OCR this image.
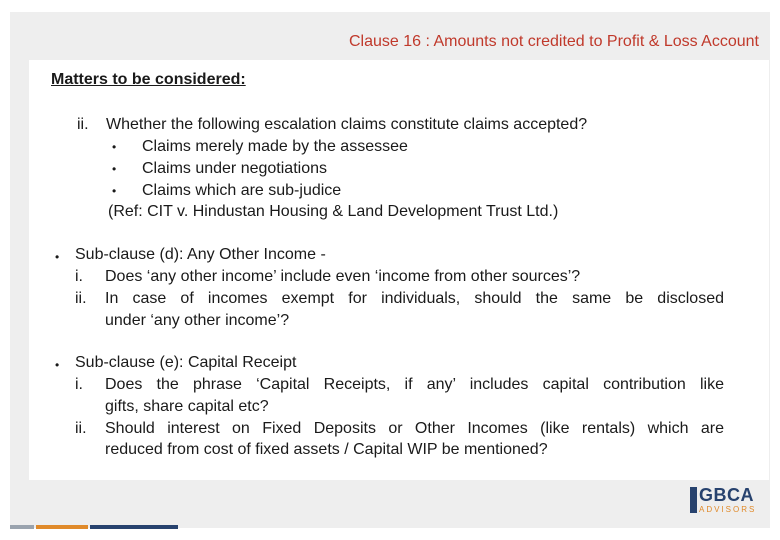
Clause 16 : Amounts not credited to Profit & Loss Account
Matters to be considered:
ii. Whether the following escalation claims constitute claims accepted?
• Claims merely made by the assessee
• Claims under negotiations
• Claims which are sub-judice
(Ref: CIT v. Hindustan Housing & Land Development Trust Ltd.)
• Sub-clause (d): Any Other Income -
i. Does ‘any other income’ include even ‘income from other sources’?
ii. In case of incomes exempt for individuals, should the same be disclosed
under ‘any other income’?
• Sub-clause (e): Capital Receipt
i. Does the phrase ‘Capital Receipts, if any’ includes capital contribution like
gifts, share capital etc?
ii. Should interest on Fixed Deposits or Other Incomes (like rentals) which are
reduced from cost of fixed assets / Capital WIP be mentioned?
GBCA
ADVISORS
